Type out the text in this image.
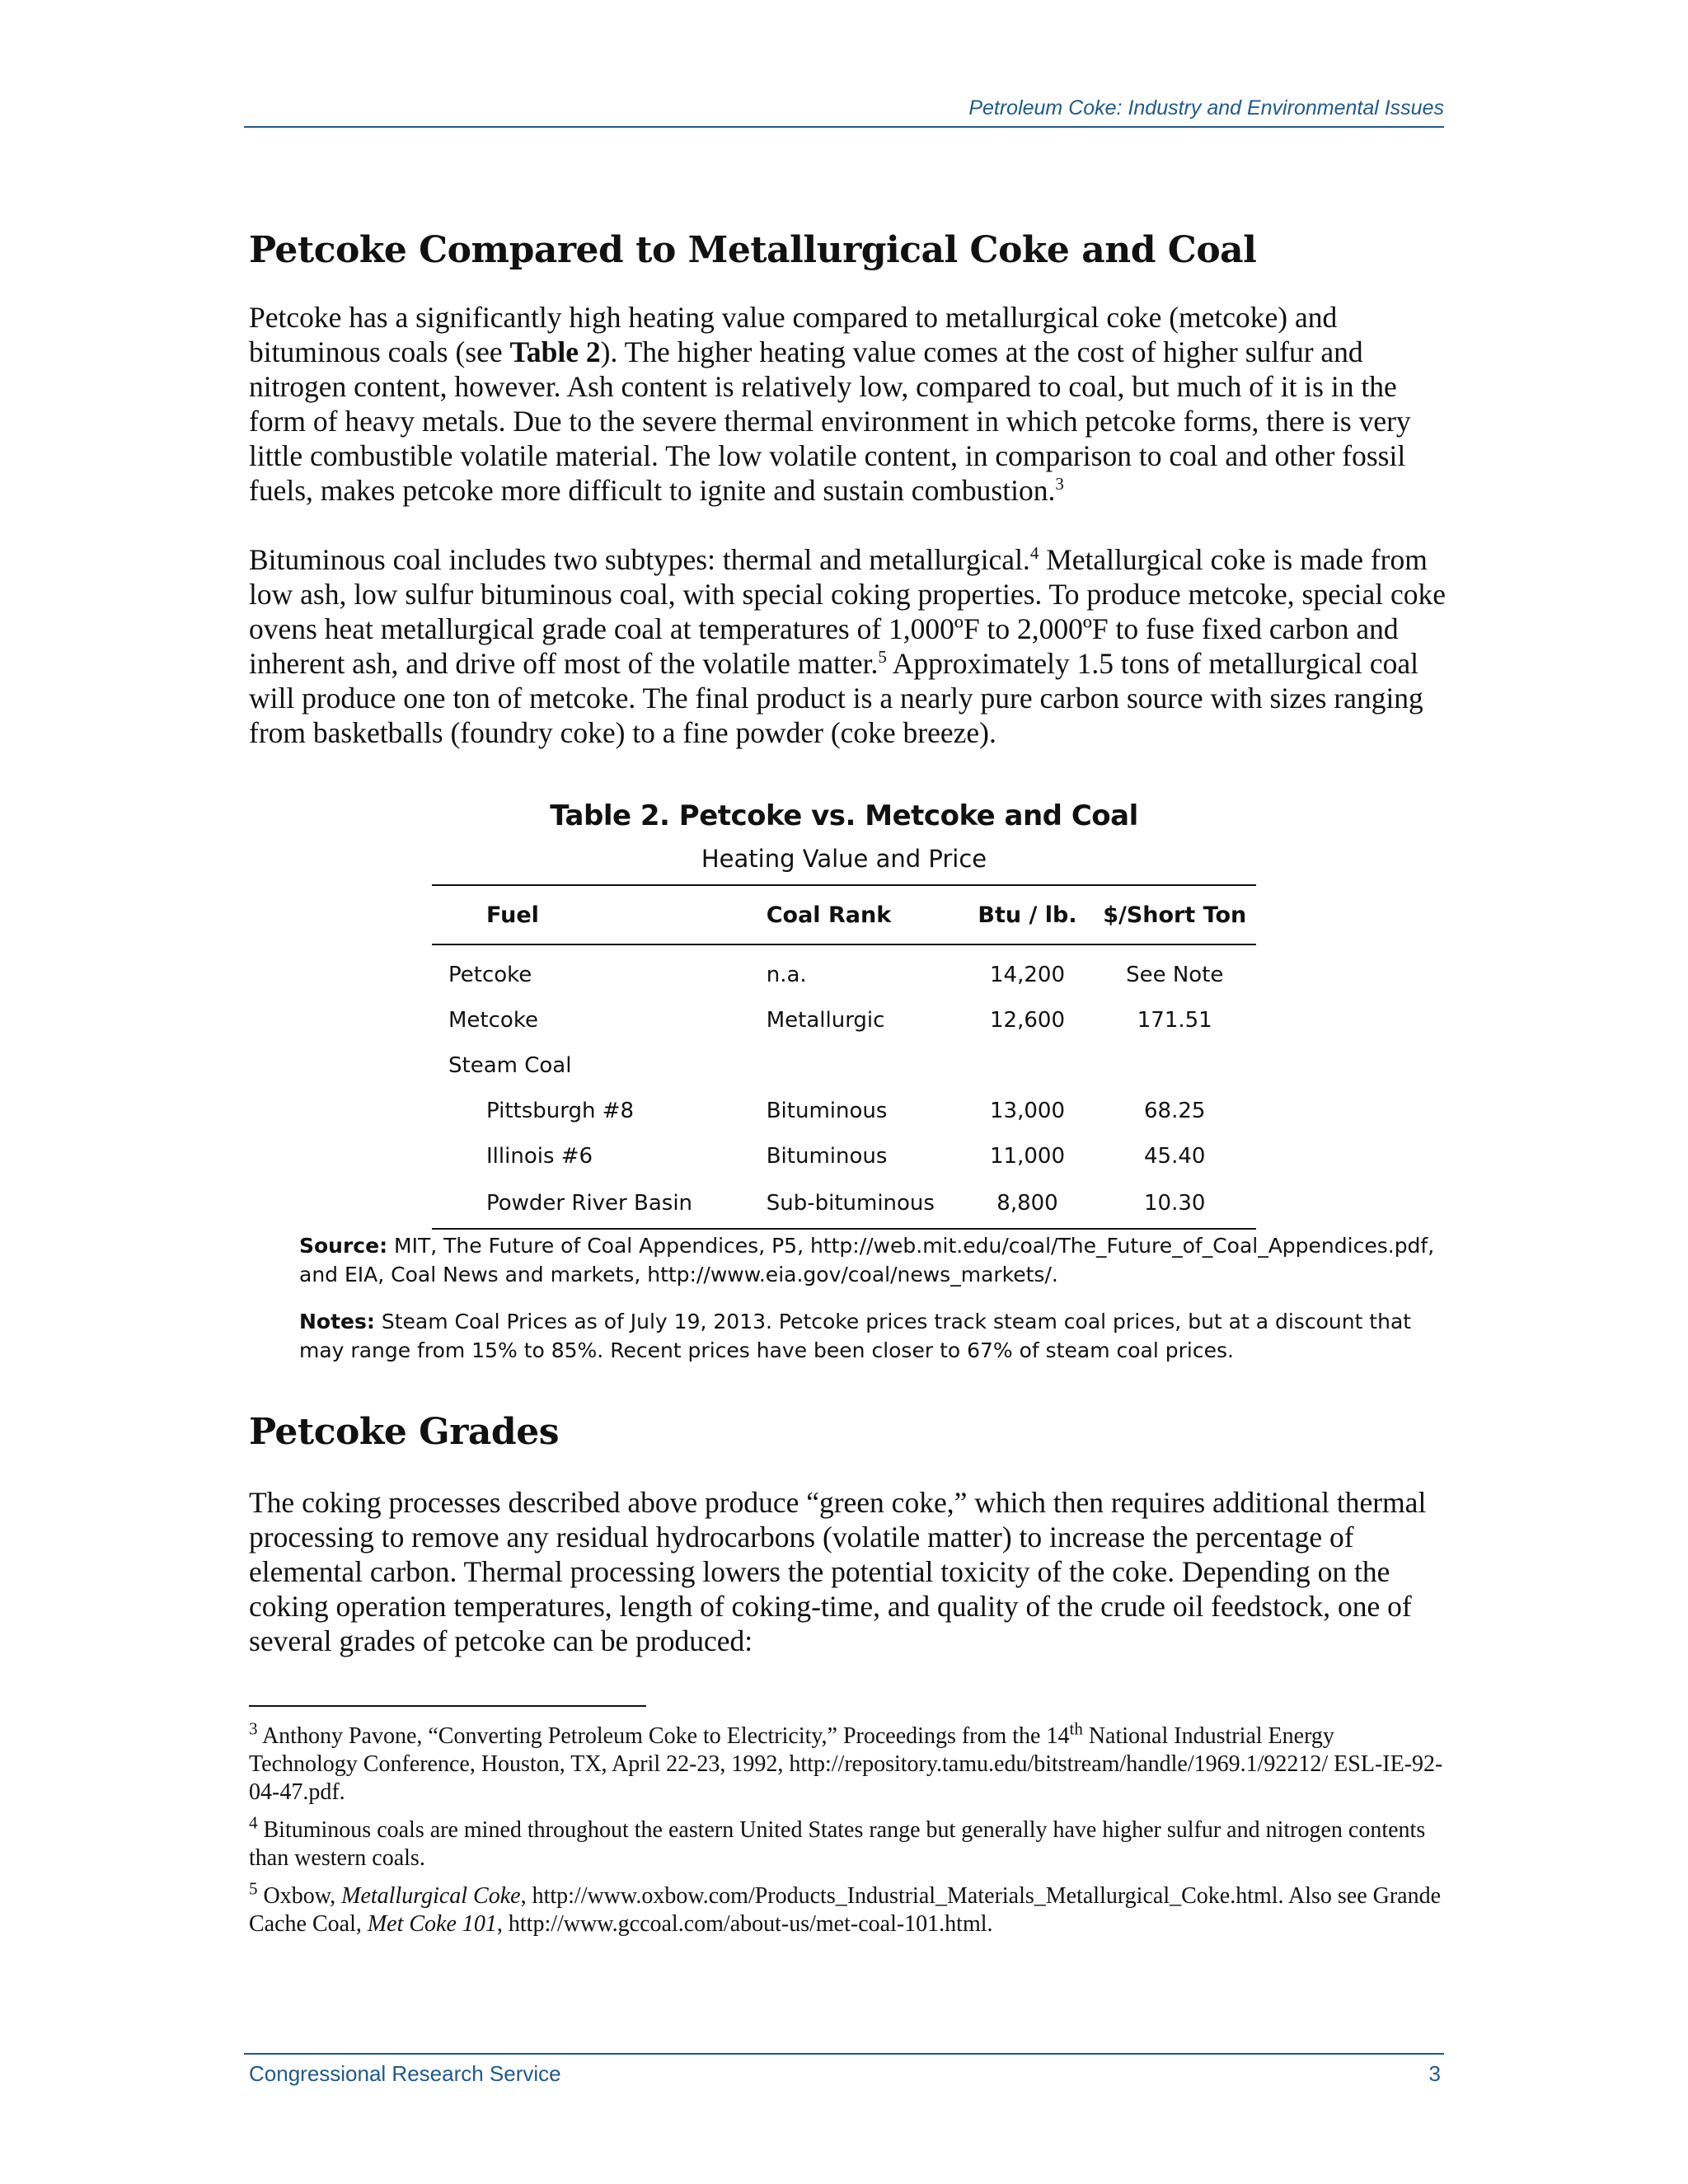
Petroleum Coke: Industry and Environmental Issues
Petcoke Compared to Metallurgical Coke and Coal

Petcoke has a significantly high heating value compared to metallurgical coke (metcoke) and bituminous coals (see Table 2). The higher heating value comes at the cost of higher sulfur and nitrogen content, however. Ash content is relatively low, compared to coal, but much of it is in the form of heavy metals. Due to the severe thermal environment in which petcoke forms, there is very little combustible volatile material. The low volatile content, in comparison to coal and other fossil fuels, makes petcoke more difficult to ignite and sustain combustion.$^3$

Bituminous coal includes two subtypes: thermal and metallurgical.$^4$ Metallurgical coke is made from low ash, low sulfur bituminous coal, with special coking properties. To produce metcoke, special coke ovens heat metallurgical grade coal at temperatures of 1,000ºF to 2,000ºF to fuse fixed carbon and inherent ash, and drive off most of the volatile matter.$^5$ Approximately 1.5 tons of metallurgical coal will produce one ton of metcoke. The final product is a nearly pure carbon source with sizes ranging from basketballs (foundry coke) to a fine powder (coke breeze).

Table 2. Petcoke vs. Metcoke and Coal
Heating Value and Price
Fuel	Coal Rank	Btu / lb.	$/Short Ton
Petcoke	n.a.	14,200	See Note
Metcoke	Metallurgic	12,600	171.51
Steam Coal			
Pittsburgh #8	Bituminous	13,000	68.25
Illinois #6	Bituminous	11,000	45.40
Powder River Basin	Sub-bituminous	8,800	10.30

Source: MIT, The Future of Coal Appendices, P5, http://web.mit.edu/coal/The_Future_of_Coal_Appendices.pdf, and EIA, Coal News and markets, http://www.eia.gov/coal/news_markets/.

Notes: Steam Coal Prices as of July 19, 2013. Petcoke prices track steam coal prices, but at a discount that may range from 15% to 85%. Recent prices have been closer to 67% of steam coal prices.

Petcoke Grades

The coking processes described above produce “green coke,” which then requires additional thermal processing to remove any residual hydrocarbons (volatile matter) to increase the percentage of elemental carbon. Thermal processing lowers the potential toxicity of the coke. Depending on the coking operation temperatures, length of coking-time, and quality of the crude oil feedstock, one of several grades of petcoke can be produced:

$^3$ Anthony Pavone, “Converting Petroleum Coke to Electricity,” Proceedings from the 14th National Industrial Energy Technology Conference, Houston, TX, April 22-23, 1992, http://repository.tamu.edu/bitstream/handle/1969.1/92212/ ESL-IE-92-04-47.pdf.

$^4$ Bituminous coals are mined throughout the eastern United States range but generally have higher sulfur and nitrogen contents than western coals.

$^5$ Oxbow, Metallurgical Coke, http://www.oxbow.com/Products_Industrial_Materials_Metallurgical_Coke.html. Also see Grande Cache Coal, Met Coke 101, http://www.gccoal.com/about-us/met-coal-101.html.

Congressional Research Service	3
